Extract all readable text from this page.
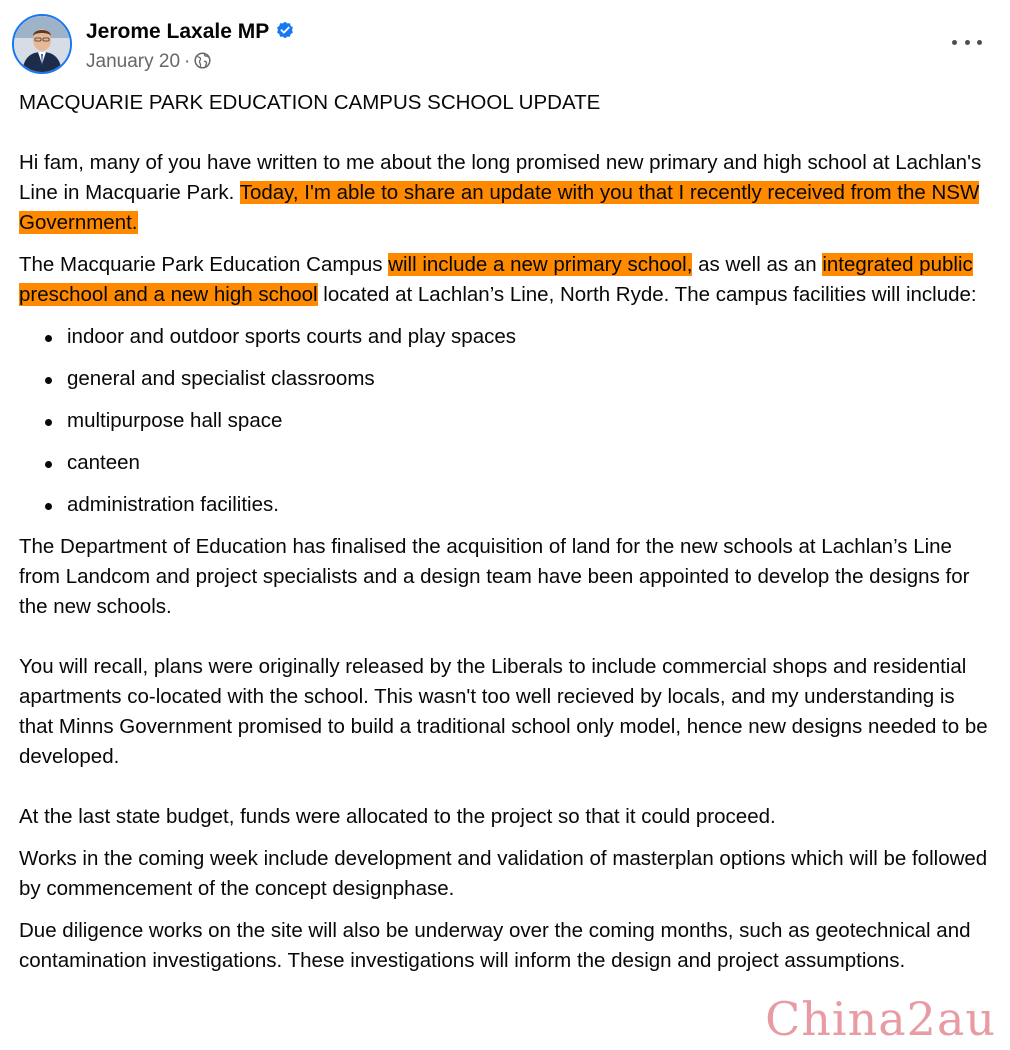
Jerome Laxale MP
January 20 ·

MACQUARIE PARK EDUCATION CAMPUS SCHOOL UPDATE

Hi fam, many of you have written to me about the long promised new primary and high school at Lachlan's Line in Macquarie Park. Today, I'm able to share an update with you that I recently received from the NSW Government.

The Macquarie Park Education Campus will include a new primary school, as well as an integrated public preschool and a new high school located at Lachlan’s Line, North Ryde. The campus facilities will include:

indoor and outdoor sports courts and play spaces
general and specialist classrooms
multipurpose hall space
canteen
administration facilities.

The Department of Education has finalised the acquisition of land for the new schools at Lachlan’s Line from Landcom and project specialists and a design team have been appointed to develop the designs for the new schools.

You will recall, plans were originally released by the Liberals to include commercial shops and residential apartments co-located with the school. This wasn't too well recieved by locals, and my understanding is that Minns Government promised to build a traditional school only model, hence new designs needed to be developed.

At the last state budget, funds were allocated to the project so that it could proceed.

Works in the coming week include development and validation of masterplan options which will be followed by commencement of the concept designphase.

Due diligence works on the site will also be underway over the coming months, such as geotechnical and contamination investigations. These investigations will inform the design and project assumptions.

China2au
